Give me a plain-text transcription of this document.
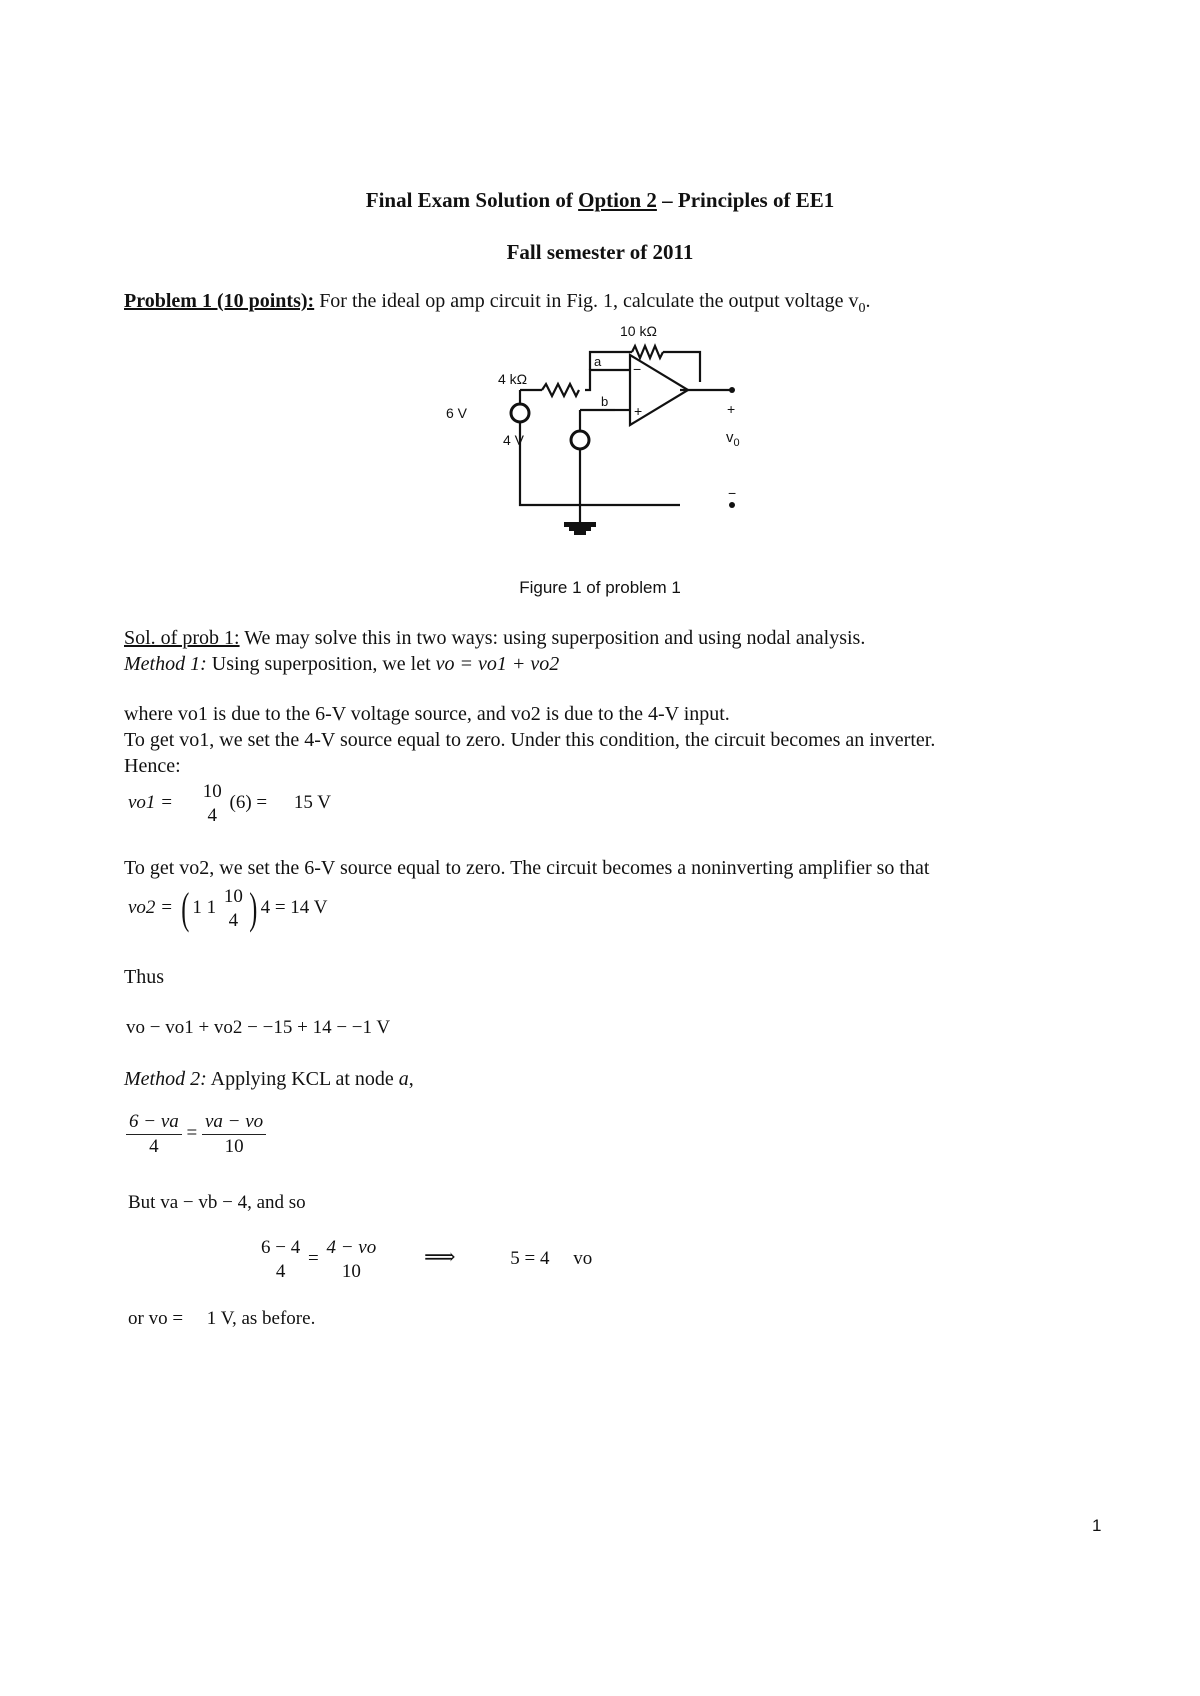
Final Exam Solution of Option 2 – Principles of EE1
Fall semester of 2011
Problem 1 (10 points): For the ideal op amp circuit in Fig. 1, calculate the output voltage $v_0$.
10 kΩ
4 kΩ
a
b
−
+
6 V
4 V
+
$v_0$
−
Figure 1 of problem 1
Sol. of prob 1: We may solve this in two ways: using superposition and using nodal analysis.
Method 1: Using superposition, we let vo = vo1 + vo2
where vo1 is due to the 6-V voltage source, and vo2 is due to the 4-V input.
To get vo1, we set the 4-V source equal to zero. Under this condition, the circuit becomes an inverter.
Hence:
vo1 =
10
4
(6) = 15 V
To get vo2, we set the 6-V source equal to zero. The circuit becomes a noninverting amplifier so that
vo2 = ( 1 1
10
4 ) 4 = 14 V
Thus
vo − vo1 + vo2 − −15 + 14 − −1 V
Method 2: Applying KCL at node a,
$\frac{6 - va}{4} = \frac{va - vo}{10}$
But va − vb − 4, and so
6 − 4
4
=
4 − vo
10
⟹	5 = 4     vo
or vo =     1 V, as before.
1
